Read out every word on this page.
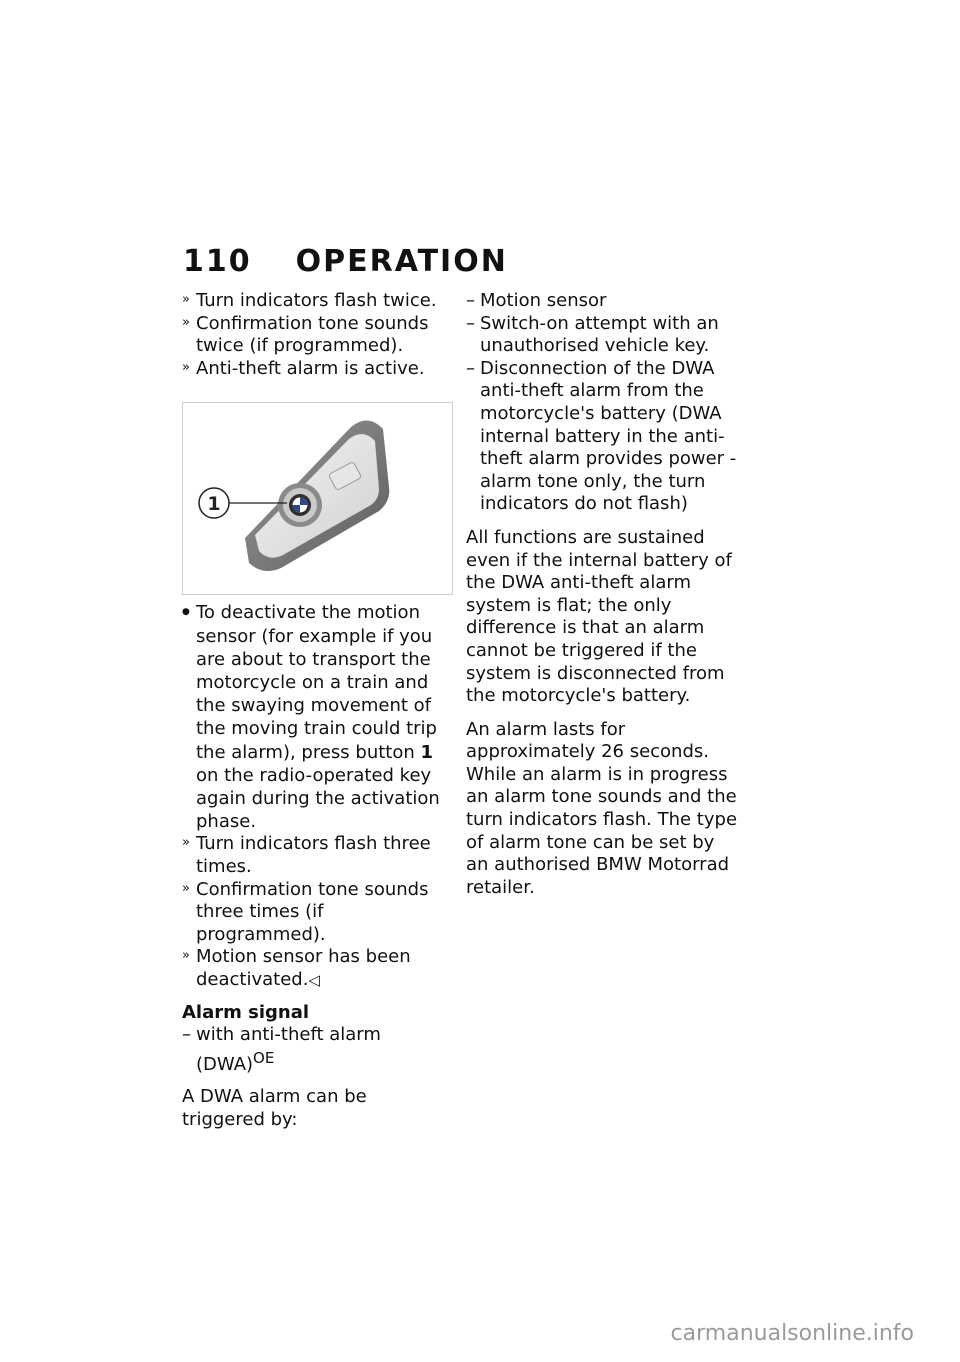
110 OPERATION
» Turn indicators flash twice.
» Confirmation tone sounds twice (if programmed).
» Anti-theft alarm is active.
1
● To deactivate the motion sensor (for example if you are about to transport the motorcycle on a train and the swaying movement of the moving train could trip the alarm), press button 1 on the radio-operated key again during the activation phase.
» Turn indicators flash three times.
» Confirmation tone sounds three times (if programmed).
» Motion sensor has been deactivated.◁

Alarm signal

– with anti-theft alarm (DWA)$^{OE}$

A DWA alarm can be triggered by:

– Motion sensor
– Switch-on attempt with an unauthorised vehicle key.
– Disconnection of the DWA anti-theft alarm from the motorcycle's battery (DWA internal battery in the anti-theft alarm provides power - alarm tone only, the turn indicators do not flash)

All functions are sustained even if the internal battery of the DWA anti-theft alarm system is flat; the only difference is that an alarm cannot be triggered if the system is disconnected from the motorcycle's battery.

An alarm lasts for approximately 26 seconds. While an alarm is in progress an alarm tone sounds and the turn indicators flash. The type of alarm tone can be set by an authorised BMW Motorrad retailer.

carmanualsonline.info
